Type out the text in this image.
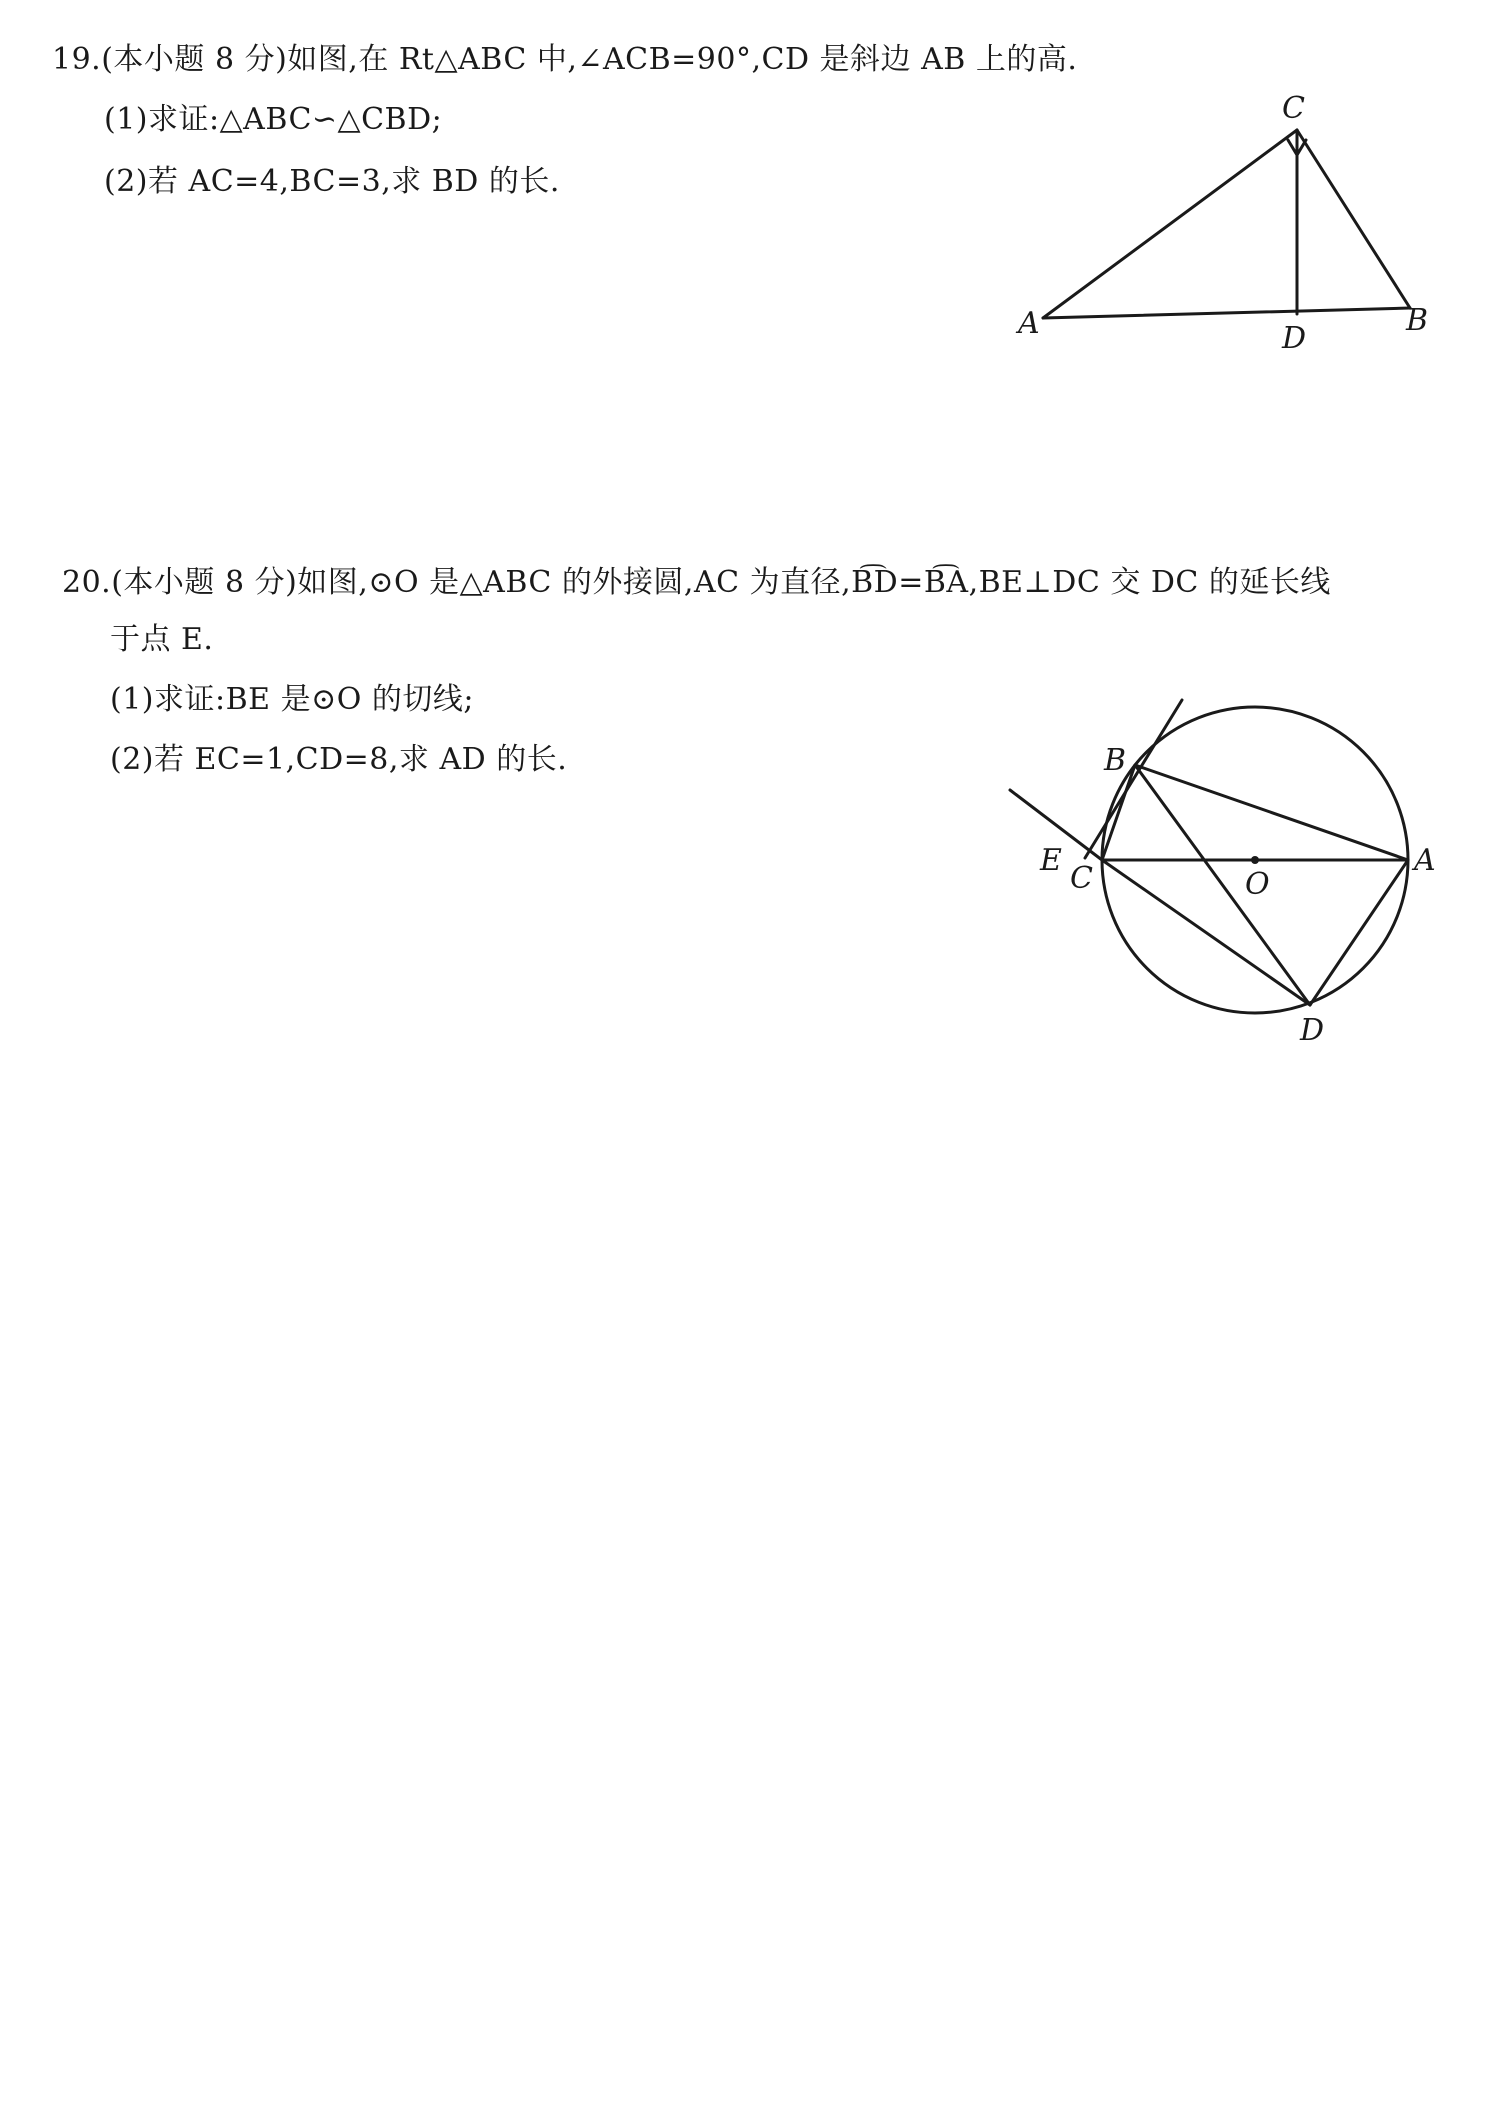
19.(本小题 8 分)如图,在 Rt△ABC 中,∠ACB=90°,CD 是斜边 AB 上的高.
(1)求证:△ABC∽△CBD;
(2)若 AC=4,BC=3,求 BD 的长.
C
A	D
B
20.(本小题 8 分)如图,⊙O 是△ABC 的外接圆,AC 为直径,B͡D=B͡A,BE⊥DC 交 DC 的延长线
于点 E.
(1)求证:BE 是⊙O 的切线;
(2)若 EC=1,CD=8,求 AD 的长.	B
E
C	O
A
D
